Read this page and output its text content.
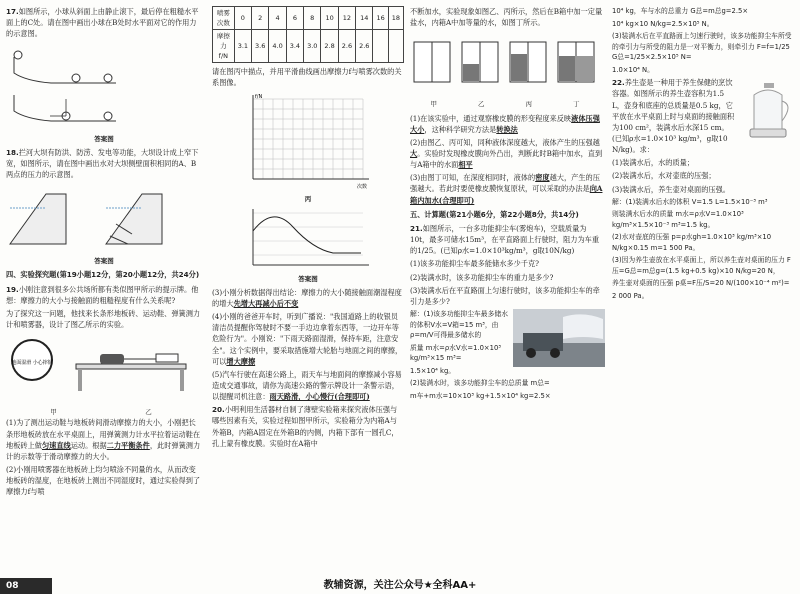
17.如图所示，小球从斜面上由静止滚下，最后停在粗糙水平面上的C处。请在图中画出小球在B处时水平面对它的作用力的示意图。

答案图

18.拦河大坝有防洪、防涝、发电等功能，大坝设计成上窄下宽，如图所示，请在图中画出水对大坝侧壁面积相同的A、B两点的压力的示意图。

答案图
四、实验探究题(第19小题12分，第20小题12分，共24分)

19.小刚注意到很多公共场所都有类似图甲所示的提示牌。他想：摩擦力的大小与接触面的粗糙程度有什么关系呢?

为了探究这一问题，他找来长条形地板砖、运动鞋、弹簧测力计和喷雾器，设计了图乙所示的实验。

地面湿滑 小心摔倒
甲	乙

(1)为了测出运动鞋与地板砖间滑动摩擦力的大小，小刚把长条形地板砖放在水平桌面上，用弹簧测力计水平拉着运动鞋在地板砖上做匀速直线运动。根据二力平衡条件，此时弹簧测力计的示数等于滑动摩擦力的大小。

(2)小刚用喷雾器在地板砖上均匀喷涂不同量的水，从而改变地板砖的湿度，在地板砖上测出不同湿度时，通过实验得到了摩擦力f与喷

喷雾次数	0	2	4	6	8	10	12	14	16	18
摩擦力f/N	3.1	3.6	4.0	3.4	3.0	2.8	2.6	2.6		

请在图丙中描点，并用平滑曲线画出摩擦力f与喷雾次数的关系图像。

f/N
次数
丙
答案图

(3)小刚分析数据得出结论：摩擦力的大小随接触面潮湿程度的增大先增大再减小后不变

(4)小刚的爸爸开车时，听到广播说："我国道路上的收银员清洁员提醒你驾驶时不要一手边边拿着东西等，一边开车等危险行为"。小刚说："下雨天路面湿滑，保持车距，注意安全"。这个实例中，要采取措施增大轮胎与地面之间的摩擦，可以增大摩擦

(5)汽车行驶在高速公路上，雨天车与地面间的摩擦减小容易造成交通事故，请你为高速公路的警示牌设计一条警示语，以提醒司机注意：雨天路滑，小心慢行(合理即可)

20.小明利用生活器材自制了薄壁实验箱来探究液体压强与哪些因素有关，实验过程如图甲所示，实验箱分为内箱A与外箱B，内箱A固定在外箱B的内侧，内箱下部有一圆孔C，孔上蒙有橡皮膜。实验时在A箱中

不断加水，实验现象如图乙、丙所示，然后在B箱中加一定量盐水，内箱A中加等量的水，如图丁所示。

甲	乙	丙	丁

(1)在该实验中，通过观察橡皮膜的形变程度来反映液体压强大小，这种科学研究方法是转换法

(2)由图乙、丙可知，同种液体深度越大，液体产生的压强越大。实验时发现橡皮膜向外凸出，判断此时B箱中加水，直到与A箱中的水面相平

(3)由图丁可知，在深度相同时，液体的密度越大，产生的压强越大。若此时要使橡皮膜恢复原状，可以采取的办法是向A箱内加水(合理即可)

五、计算题(第21小题6分，第22小题8分，共14分)

21.如图所示，一台多功能抑尘车(雾炮车)，空载质量为10t，最多可储水15m³，在平直路面上行驶时，阻力为车重的1/25。(已知ρ水=1.0×10³kg/m³，g取10N/kg)

(1)该多功能抑尘车最多能储水多少千克?

(2)装满水时，该多功能抑尘车的重力是多少?

(3)装满水后在平直路面上匀速行驶时，该多功能抑尘车的牵引力是多少?

解：(1)该多功能抑尘车最多储水的体积V水=V箱=15 m³，由ρ=m/V可得最多储水的

质量 m水=ρ水V水=1.0×10³ kg/m³×15 m³=

1.5×10⁴ kg。

(2)装满水时，该多功能抑尘车的总质量 m总=

m车+m水=10×10³ kg+1.5×10⁴ kg=2.5×

10⁴ kg，车与水的总重力 G总=m总g=2.5×

10⁴ kg×10 N/kg=2.5×10⁵ N。

(3)装满水后在平直路面上匀速行驶时，该多功能抑尘车所受的牵引力与所受的阻力是一对平衡力，则牵引力 F=f=1/25 G总=1/25×2.5×10⁵ N=

1.0×10⁴ N。

22.养生壶是一种用于养生保健的烹饮容器。如图所示的养生壶容积为1.5 L，壶身和底座的总质量是0.5 kg，它平放在水平桌面上时与桌面的接触面积为100 cm²，装满水后水深15 cm。(已知ρ水=1.0×10³ kg/m³，g取10 N/kg)。求：

(1)装满水后，水的质量；

(2)装满水后，水对壶底的压强；

(3)装满水后，养生壶对桌面的压强。

解：(1)装满水后水的体积 V=1.5 L=1.5×10⁻³ m³

则装满水后水的质量 m水=ρ水V=1.0×10³ kg/m³×1.5×10⁻³ m³=1.5 kg。

(2)水对壶底的压强 p=ρ水gh=1.0×10³ kg/m³×10 N/kg×0.15 m=1 500 Pa。

(3)因为养生壶放在水平桌面上，所以养生壶对桌面的压力 F压=G总=m总g=(1.5 kg+0.5 kg)×10 N/kg=20 N，

养生壶对桌面的压强 p桌=F压/S=20 N/(100×10⁻⁴ m²)=

2 000 Pa。

08	教辅资源，关注公众号★全科AA+
